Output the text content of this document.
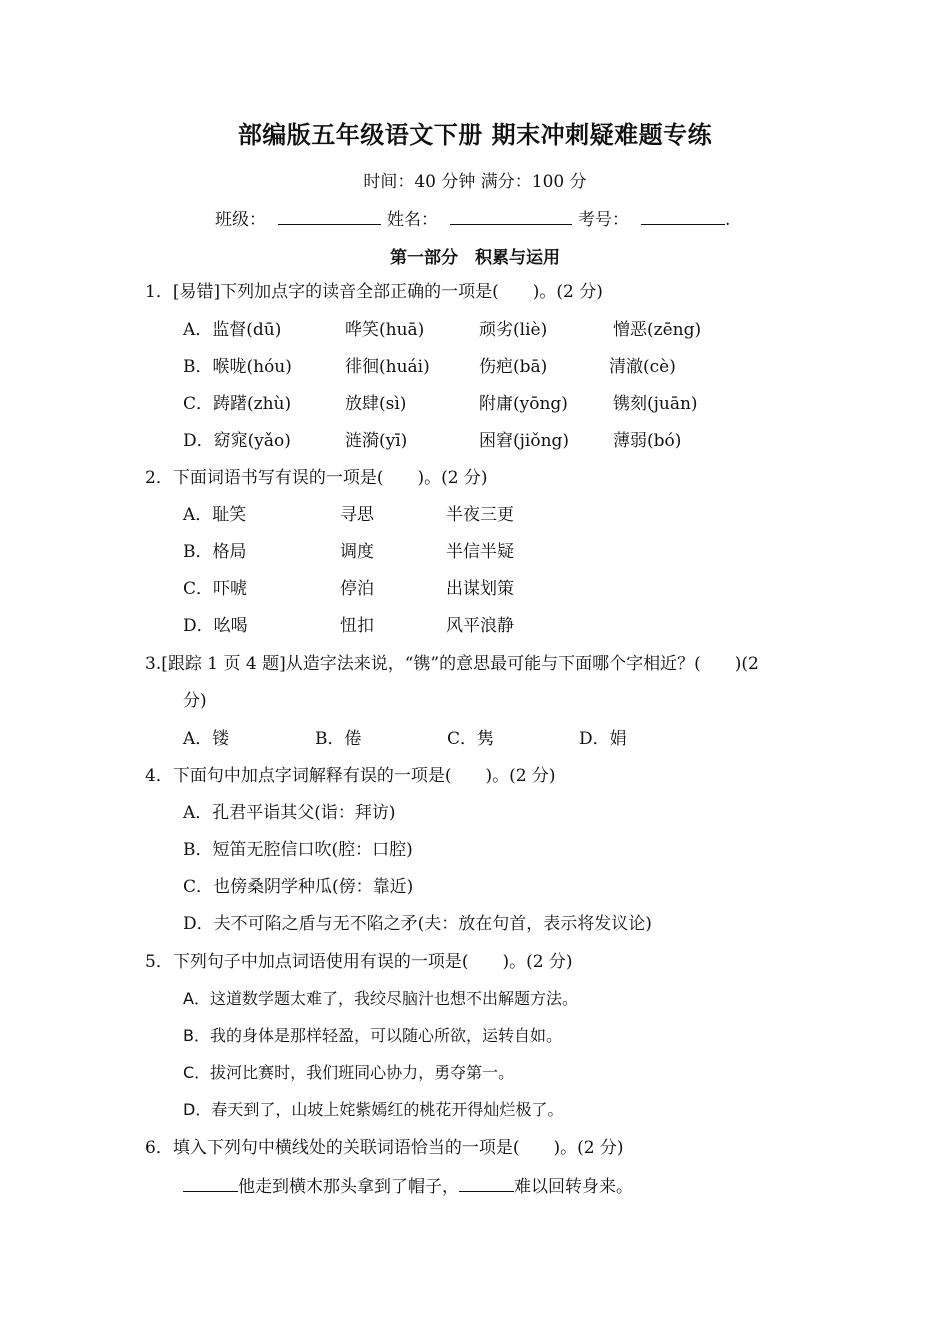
部编版五年级语文下册 期末冲刺疑难题专练
时间：40 分钟 满分：100 分
班级：	姓名：	考号：	.
第一部分　积累与运用
1．[易错]下列加点字的读音全部正确的一项是(　　)。(2 分)
A．监督(dū)	哗笑(huā)	顽劣(liè)	憎恶(zēng)
B．喉咙(hóu)	徘徊(huái)	伤疤(bā)	清澈(cè)
C．踌躇(zhù)	放肆(sì)	附庸(yōng)	镌刻(juān)
D．窈窕(yǎo)	涟漪(yī)	困窘(jiǒng)	薄弱(bó)
2．下面词语书写有误的一项是(　　)。(2 分)
A．耻笑	寻思	半夜三更
B．格局	调度	半信半疑
C．吓唬	停泊	出谋划策
D．吆喝	忸扣	风平浪静
3.[跟踪 1 页 4 题]从造字法来说，“镌”的意思最可能与下面哪个字相近？(　　)(2
分)
A．镂	B．倦	C．隽	D．娟
4．下面句中加点字词解释有误的一项是(　　)。(2 分)
A．孔君平诣其父(诣：拜访)
B．短笛无腔信口吹(腔：口腔)
C．也傍桑阴学种瓜(傍：靠近)
D．夫不可陷之盾与无不陷之矛(夫：放在句首，表示将发议论)
5．下列句子中加点词语使用有误的一项是(　　)。(2 分)
A．这道数学题太难了，我绞尽脑汁也想不出解题方法。
B．我的身体是那样轻盈，可以随心所欲，运转自如。
C．拔河比赛时，我们班同心协力，勇夺第一。
D．春天到了，山坡上姹紫嫣红的桃花开得灿烂极了。
6．填入下列句中横线处的关联词语恰当的一项是(　　)。(2 分)
他走到横木那头拿到了帽子，	难以回转身来。
